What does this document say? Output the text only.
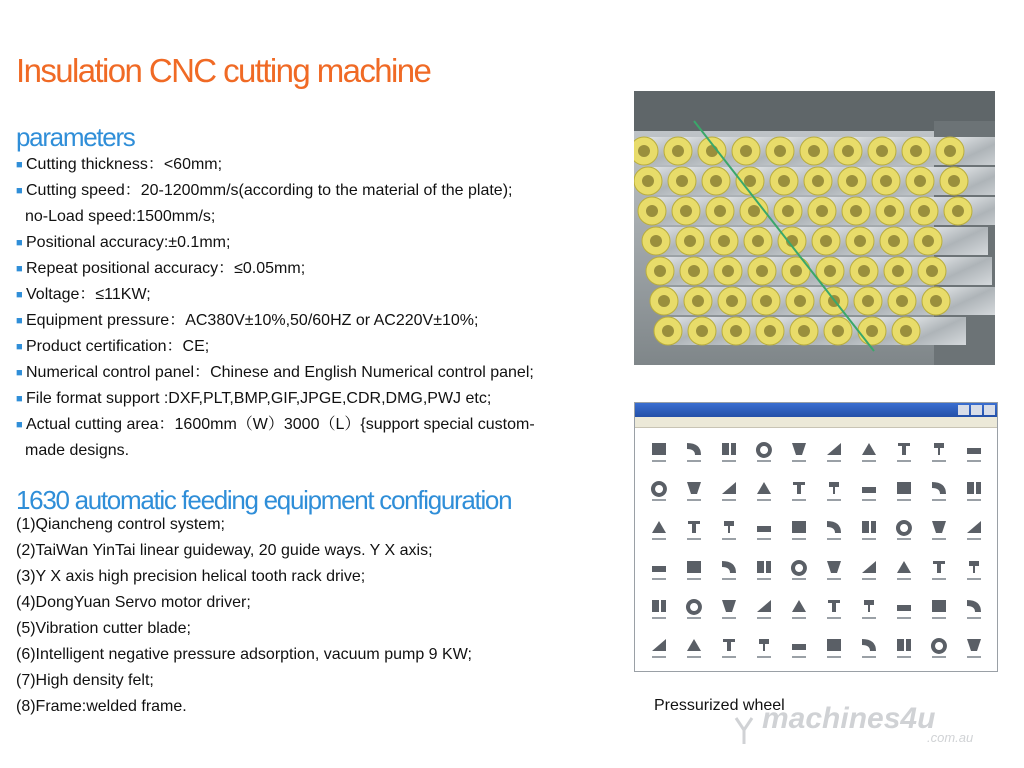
Insulation CNC cutting machine
parameters
■ Cutting thickness：<60mm;
■ Cutting speed：20-1200mm/s(according to the material of the plate);
no-Load speed:1500mm/s;
■ Positional accuracy:±0.1mm;
■ Repeat positional accuracy：≤0.05mm;
■ Voltage：≤11KW;
■ Equipment pressure：AC380V±10%,50/60HZ or AC220V±10%;
■ Product certification：CE;
■ Numerical control panel：Chinese and English Numerical control panel;
■ File format support :DXF,PLT,BMP,GIF,JPGE,CDR,DMG,PWJ etc;
■ Actual cutting area：1600mm（W）3000（L）{support special custom-
made designs.
1630 automatic feeding equipment configuration
(1)Qiancheng control system;
(2)TaiWan YinTai linear guideway, 20 guide ways. Y X axis;
(3)Y X axis high precision helical tooth rack drive;
(4)DongYuan Servo motor driver;
(5)Vibration cutter blade;
(6)Intelligent negative pressure adsorption, vacuum pump 9 KW;
(7)High density felt;
(8)Frame:welded frame.	Pressurized wheel

machines4u
.com.au
